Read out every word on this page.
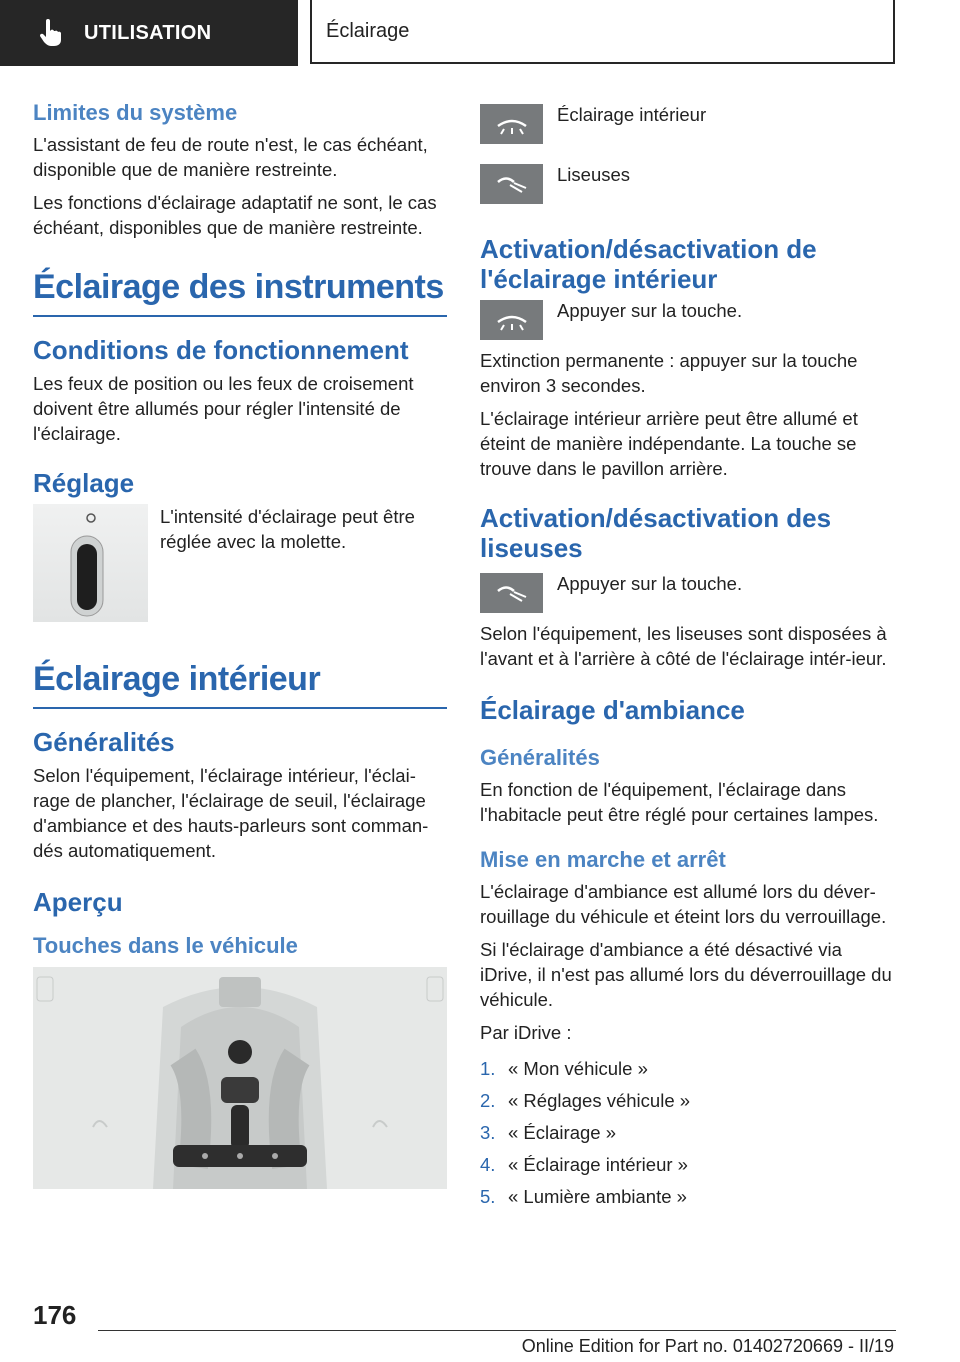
UTILISATION	Éclairage
Limites du système

L'assistant de feu de route n'est, le cas échéant, disponible que de manière restreinte.

Les fonctions d'éclairage adaptatif ne sont, le cas échéant, disponibles que de manière restreinte.

Éclairage des instruments
Conditions de fonctionnement

Les feux de position ou les feux de croisement doivent être allumés pour régler l'intensité de l'éclairage.

Réglage

L'intensité d'éclairage peut être réglée avec la molette.

Éclairage intérieur
Généralités

Selon l'équipement, l'éclairage intérieur, l'éclai-rage de plancher, l'éclairage de seuil, l'éclairage d'ambiance et des hauts-parleurs sont comman-dés automatiquement.

Aperçu
Touches dans le véhicule
Éclairage intérieur
Liseuses
Activation/désactivation de l'éclairage intérieur
Appuyer sur la touche.

Extinction permanente : appuyer sur la touche environ 3 secondes.

L'éclairage intérieur arrière peut être allumé et éteint de manière indépendante. La touche se trouve dans le pavillon arrière.

Activation/désactivation des liseuses
Appuyer sur la touche.

Selon l'équipement, les liseuses sont disposées à l'avant et à l'arrière à côté de l'éclairage intér-ieur.

Éclairage d'ambiance
Généralités

En fonction de l'équipement, l'éclairage dans l'habitacle peut être réglé pour certaines lampes.

Mise en marche et arrêt

L'éclairage d'ambiance est allumé lors du déver-rouillage du véhicule et éteint lors du verrouillage.

Si l'éclairage d'ambiance a été désactivé via iDrive, il n'est pas allumé lors du déverrouillage du véhicule.

Par iDrive :

1. « Mon véhicule »
2. « Réglages véhicule »
3. « Éclairage »
4. « Éclairage intérieur »
5. « Lumière ambiante »
176
Online Edition for Part no. 01402720669 - II/19
